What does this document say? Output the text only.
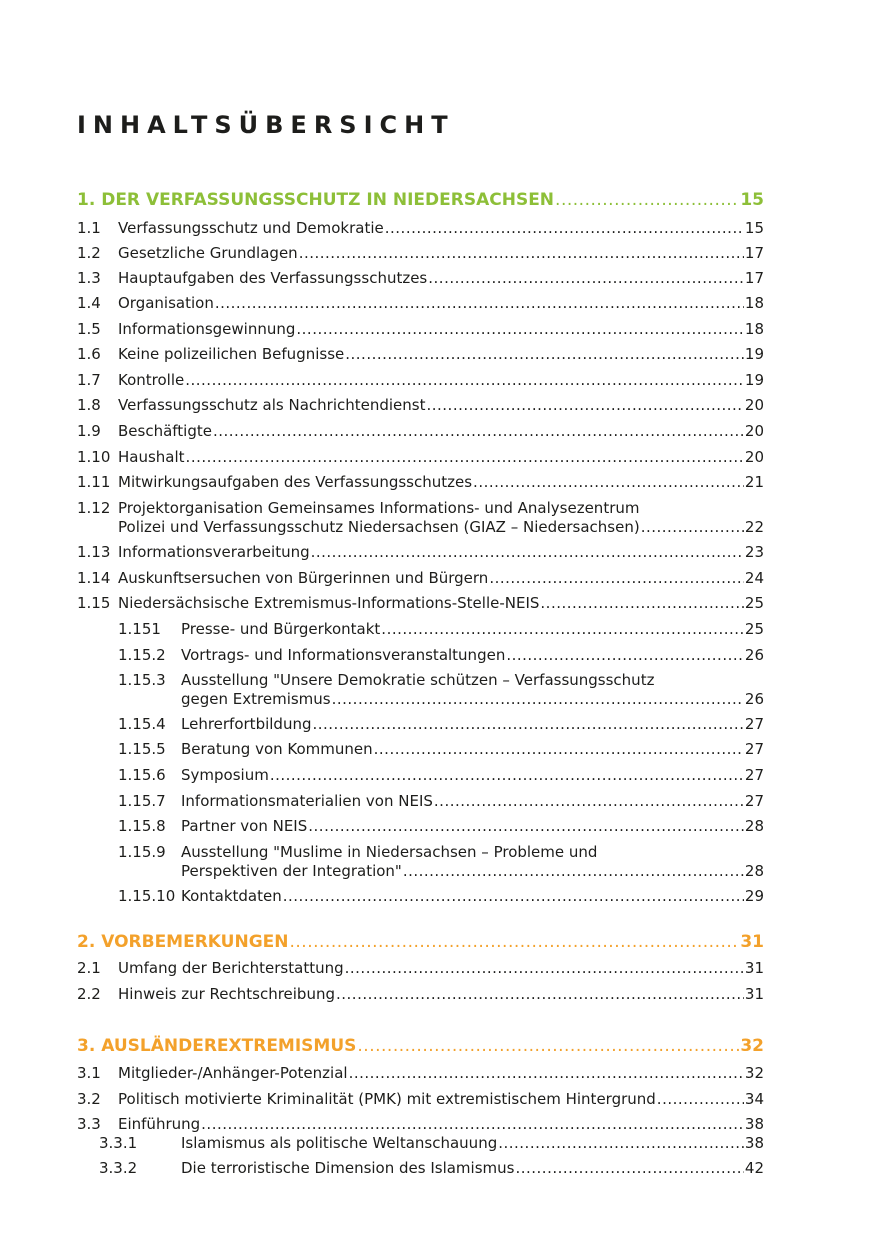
INHALTSÜBERSICHT
1. DER VERFASSUNGSSCHUTZ IN NIEDERSACHSEN .....	15
1.1 Verfassungsschutz und Demokratie .....	15
1.2 Gesetzliche Grundlagen .....	17
1.3 Hauptaufgaben des Verfassungsschutzes .....	17
1.4 Organisation .....	18
1.5 Informationsgewinnung .....	18
1.6 Keine polizeilichen Befugnisse .....	19
1.7 Kontrolle .....	19
1.8 Verfassungsschutz als Nachrichtendienst .....	20
1.9 Beschäftigte .....	20
1.10 Haushalt .....	20
1.11 Mitwirkungsaufgaben des Verfassungsschutzes .....	21
1.12 Projektorganisation Gemeinsames Informations- und Analysezentrum
Polizei und Verfassungsschutz Niedersachsen (GIAZ – Niedersachsen) .....	22
1.13 Informationsverarbeitung .....	23
1.14 Auskunftsersuchen von Bürgerinnen und Bürgern .....	24
1.15 Niedersächsische Extremismus-Informations-Stelle-NEIS .....	25
1.151 Presse- und Bürgerkontakt .....	25
1.15.2 Vortrags- und Informationsveranstaltungen .....	26
1.15.3 Ausstellung "Unsere Demokratie schützen – Verfassungsschutz
gegen Extremismus .....	26
1.15.4 Lehrerfortbildung .....	27
1.15.5 Beratung von Kommunen .....	27
1.15.6 Symposium .....	27
1.15.7 Informationsmaterialien von NEIS .....	27
1.15.8 Partner von NEIS .....	28
1.15.9 Ausstellung "Muslime in Niedersachsen – Probleme und
Perspektiven der Integration" .....	28
1.15.10 Kontaktdaten .....	29
2. VORBEMERKUNGEN .....	31
2.1 Umfang der Berichterstattung .....	31
2.2 Hinweis zur Rechtschreibung .....	31
3. AUSLÄNDEREXTREMISMUS .....	32
3.1 Mitglieder-/Anhänger-Potenzial .....	32
3.2 Politisch motivierte Kriminalität (PMK) mit extremistischem Hintergrund .....	34
3.3 Einführung .....	38
3.3.1	Islamismus als politische Weltanschauung .....	38
3.3.2	Die terroristische Dimension des Islamismus .....	42
